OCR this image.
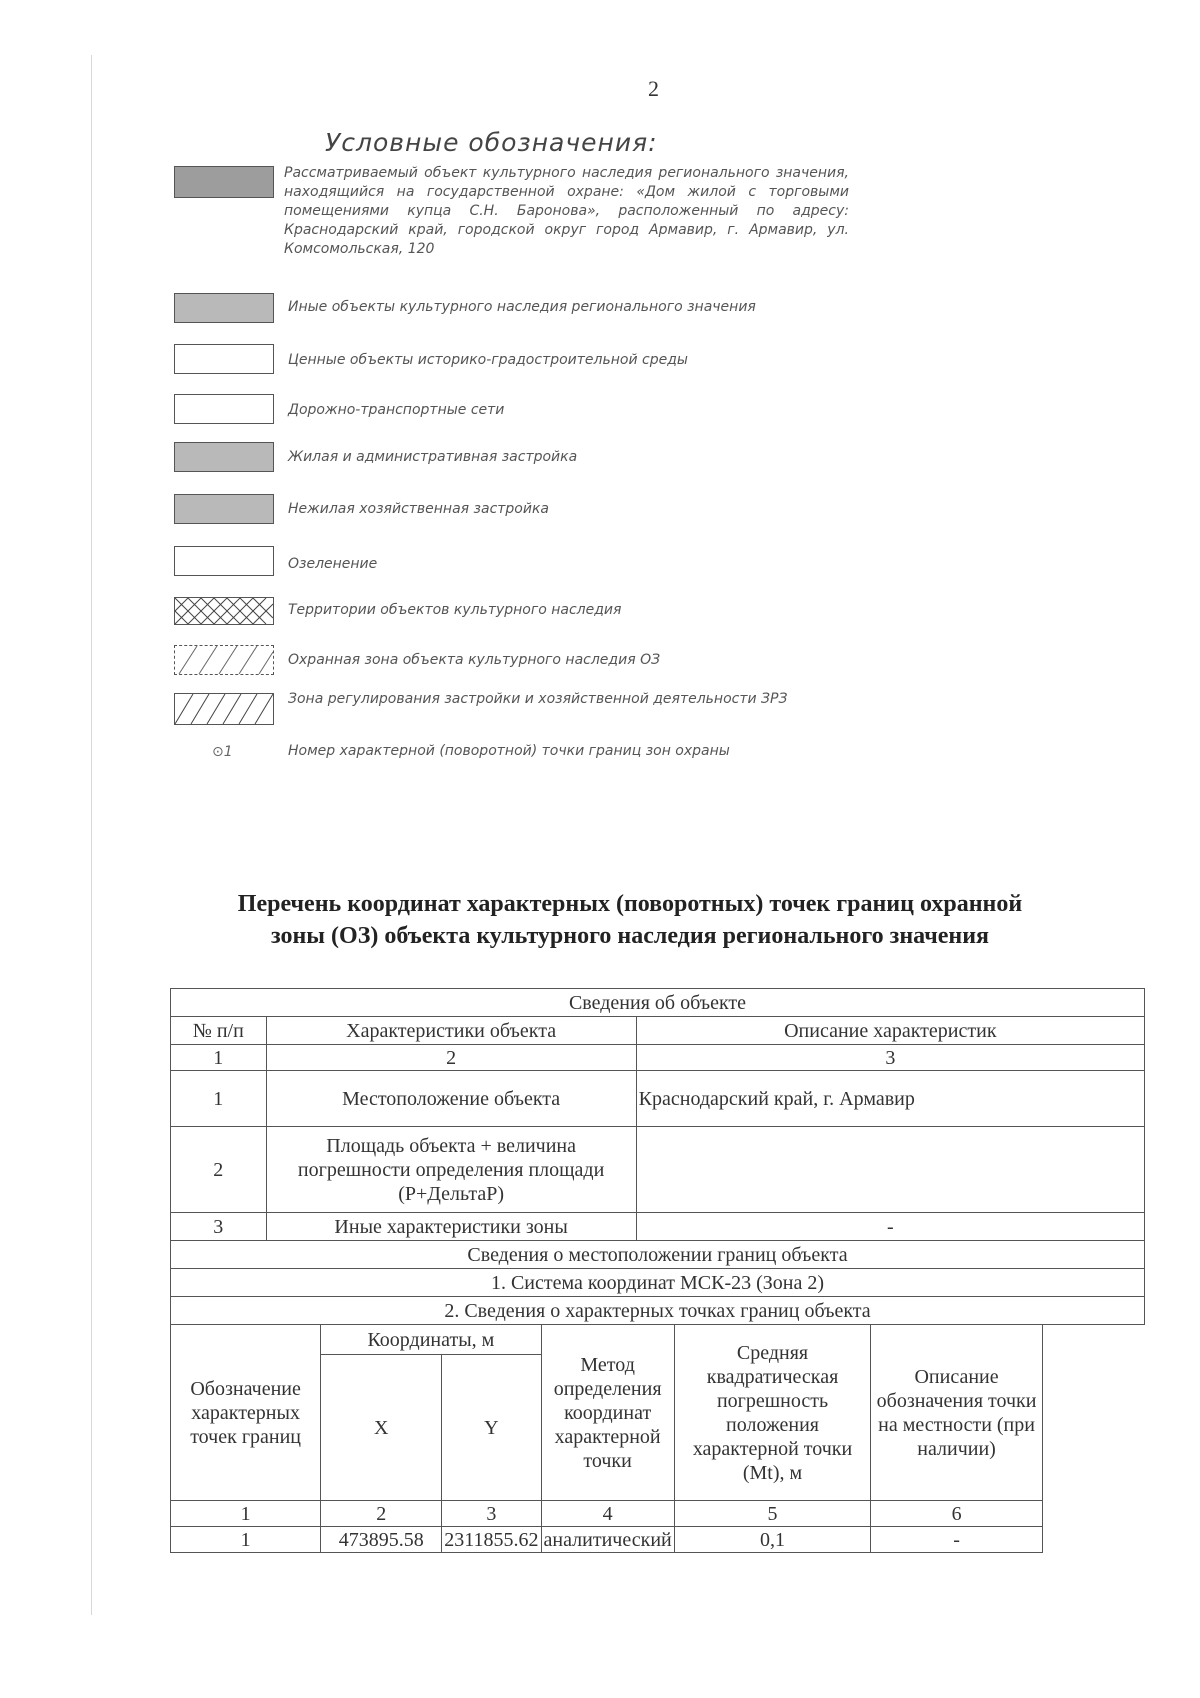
2
Условные обозначения:
Рассматриваемый объект культурного наследия регионального значения, находящийся на государственной охране: «Дом жилой с торговыми помещениями купца С.Н. Баронова», расположенный по адресу: Краснодарский край, городской округ город Армавир, г. Армавир, ул. Комсомольская, 120
Иные объекты культурного наследия регионального значения
Ценные объекты историко-градостроительной среды
Дорожно-транспортные сети
Жилая и административная застройка
Нежилая хозяйственная застройка
Озеленение
Территории объектов культурного наследия
Охранная зона объекта культурного наследия ОЗ
Зона регулирования застройки и хозяйственной деятельности ЗРЗ
⊙1	Номер характерной (поворотной) точки границ зон охраны
Перечень координат характерных (поворотных) точек границ охранной
зоны (ОЗ) объекта культурного наследия регионального значения
Сведения об объекте								
№ п/п	Характеристики объекта				Описание характеристик			
1	2				3			
1	Местоположение объекта				Краснодарский край, г. Армавир			
2	Площадь объекта + величина погрешности определения площади (Р+ДельтаР)							
3	Иные характеристики зоны				-			
Сведения о местоположении границ объекта								
1. Система координат МСК-23 (Зона 2)								
2. Сведения о характерных точках границ объекта								
Обозначение характерных точек границ		Координаты, м		Метод определения координат характерной точки		Средняя квадратическая погрешность положения характерной точки (Mt), м	Описание обозначения точки на местности (при наличии)	
		X	Y					
1		2	3	4		5	6	
1		473895.58	2311855.62	аналитический		0,1	-	
